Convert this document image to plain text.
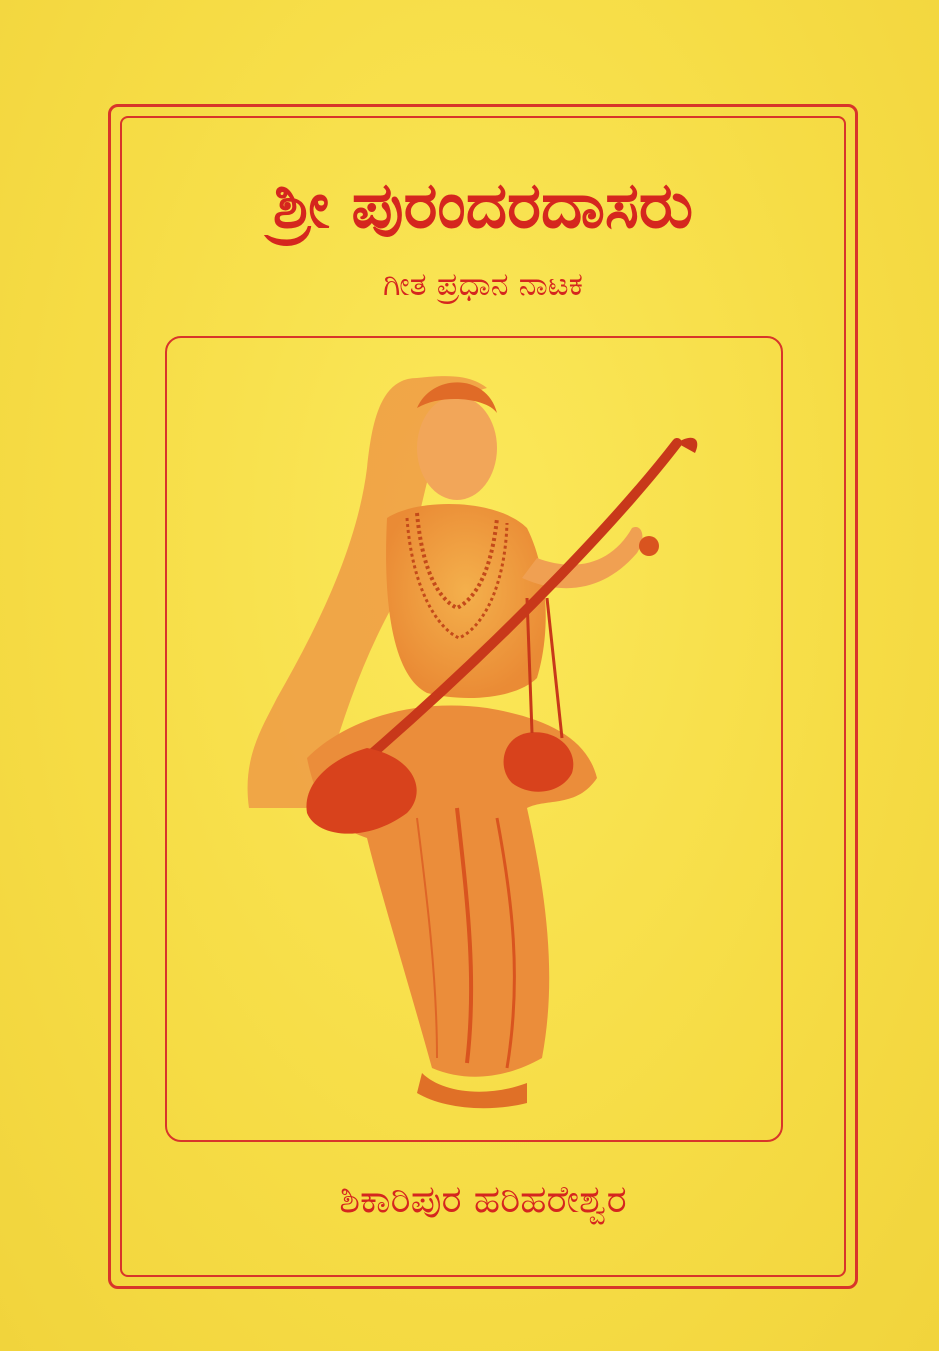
ಶ್ರೀ ಪುರಂದರದಾಸರು
ಗೀತ ಪ್ರಧಾನ ನಾಟಕ
ಶಿಕಾರಿಪುರ ಹರಿಹರೇಶ್ವರ
